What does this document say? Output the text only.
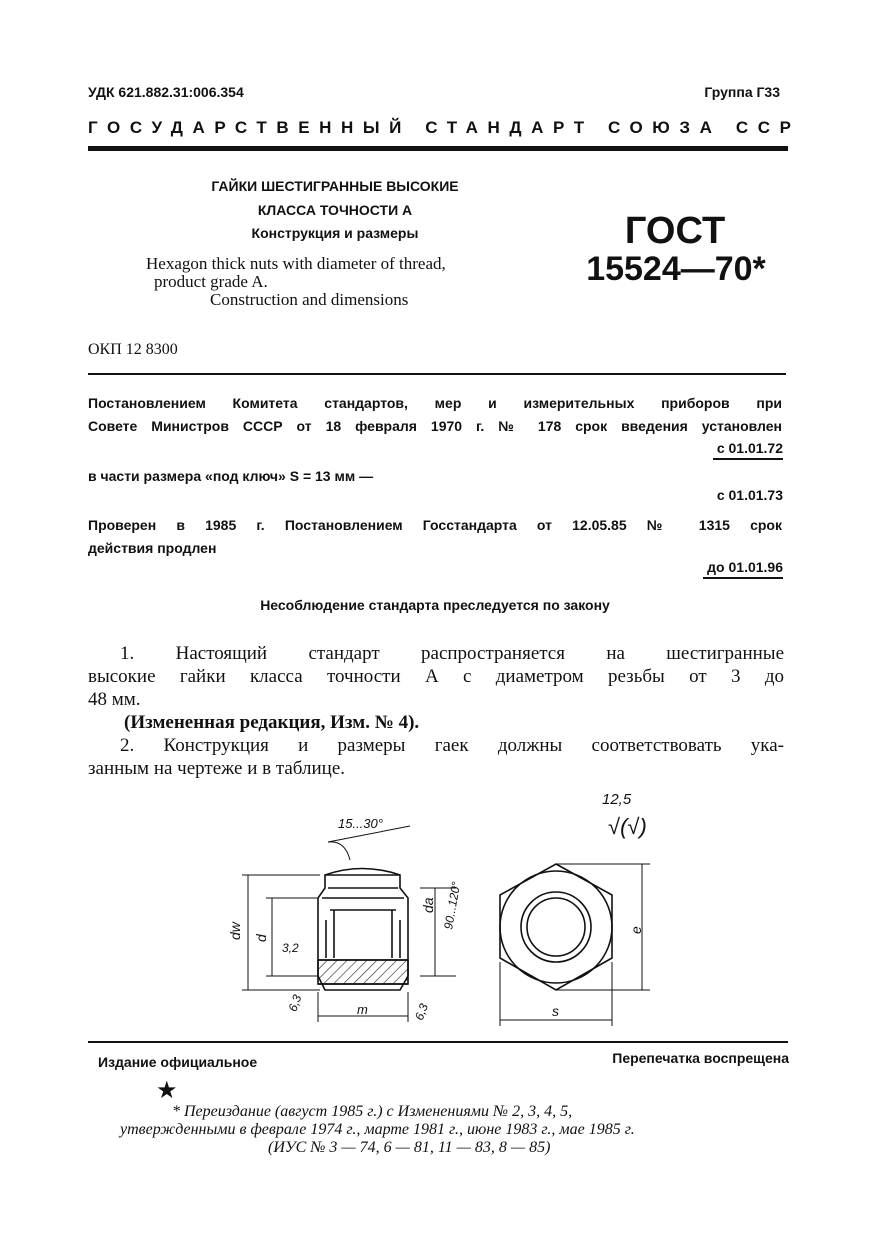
УДК 621.882.31:006.354	Группа Г33
ГОСУДАРСТВЕННЫЙ СТАНДАРТ СОЮЗА ССР
ГАЙКИ ШЕСТИГРАННЫЕ ВЫСОКИЕ
КЛАССА ТОЧНОСТИ А
Конструкция и размеры
Hexagon thick nuts with diameter of thread,
product grade A.
Construction and dimensions
ГОСТ
15524—70*
ОКП 12 8300
Постановлением Комитета стандартов, мер и измерительных приборов при
Совете Министров СССР от 18 февраля 1970 г. № 178 срок введения установлен
с 01.01.72
в части размера «под ключ» S = 13 мм —
с 01.01.73
Проверен в 1985 г. Постановлением Госстандарта от 12.05.85 № 1315 срок
действия продлен
до 01.01.96
Несоблюдение стандарта преследуется по закону
1. Настоящий стандарт распространяется на шестигранные
высокие гайки класса точности А с диаметром резьбы от 3 до
48 мм.
(Измененная редакция, Изм. № 4).
2. Конструкция и размеры гаек должны соответствовать ука-
занным на чертеже и в таблице.
15...30°
dw d
3,2
6,3	m	6,3
da 90...120°
12,5
√(√)
e
s
Издание официальное	Перепечатка воспрещена
★
* Переиздание (август 1985 г.) с Изменениями № 2, 3, 4, 5,
утвержденными в феврале 1974 г., марте 1981 г., июне 1983 г., мае 1985 г.
(ИУС № 3 — 74, 6 — 81, 11 — 83, 8 — 85)
